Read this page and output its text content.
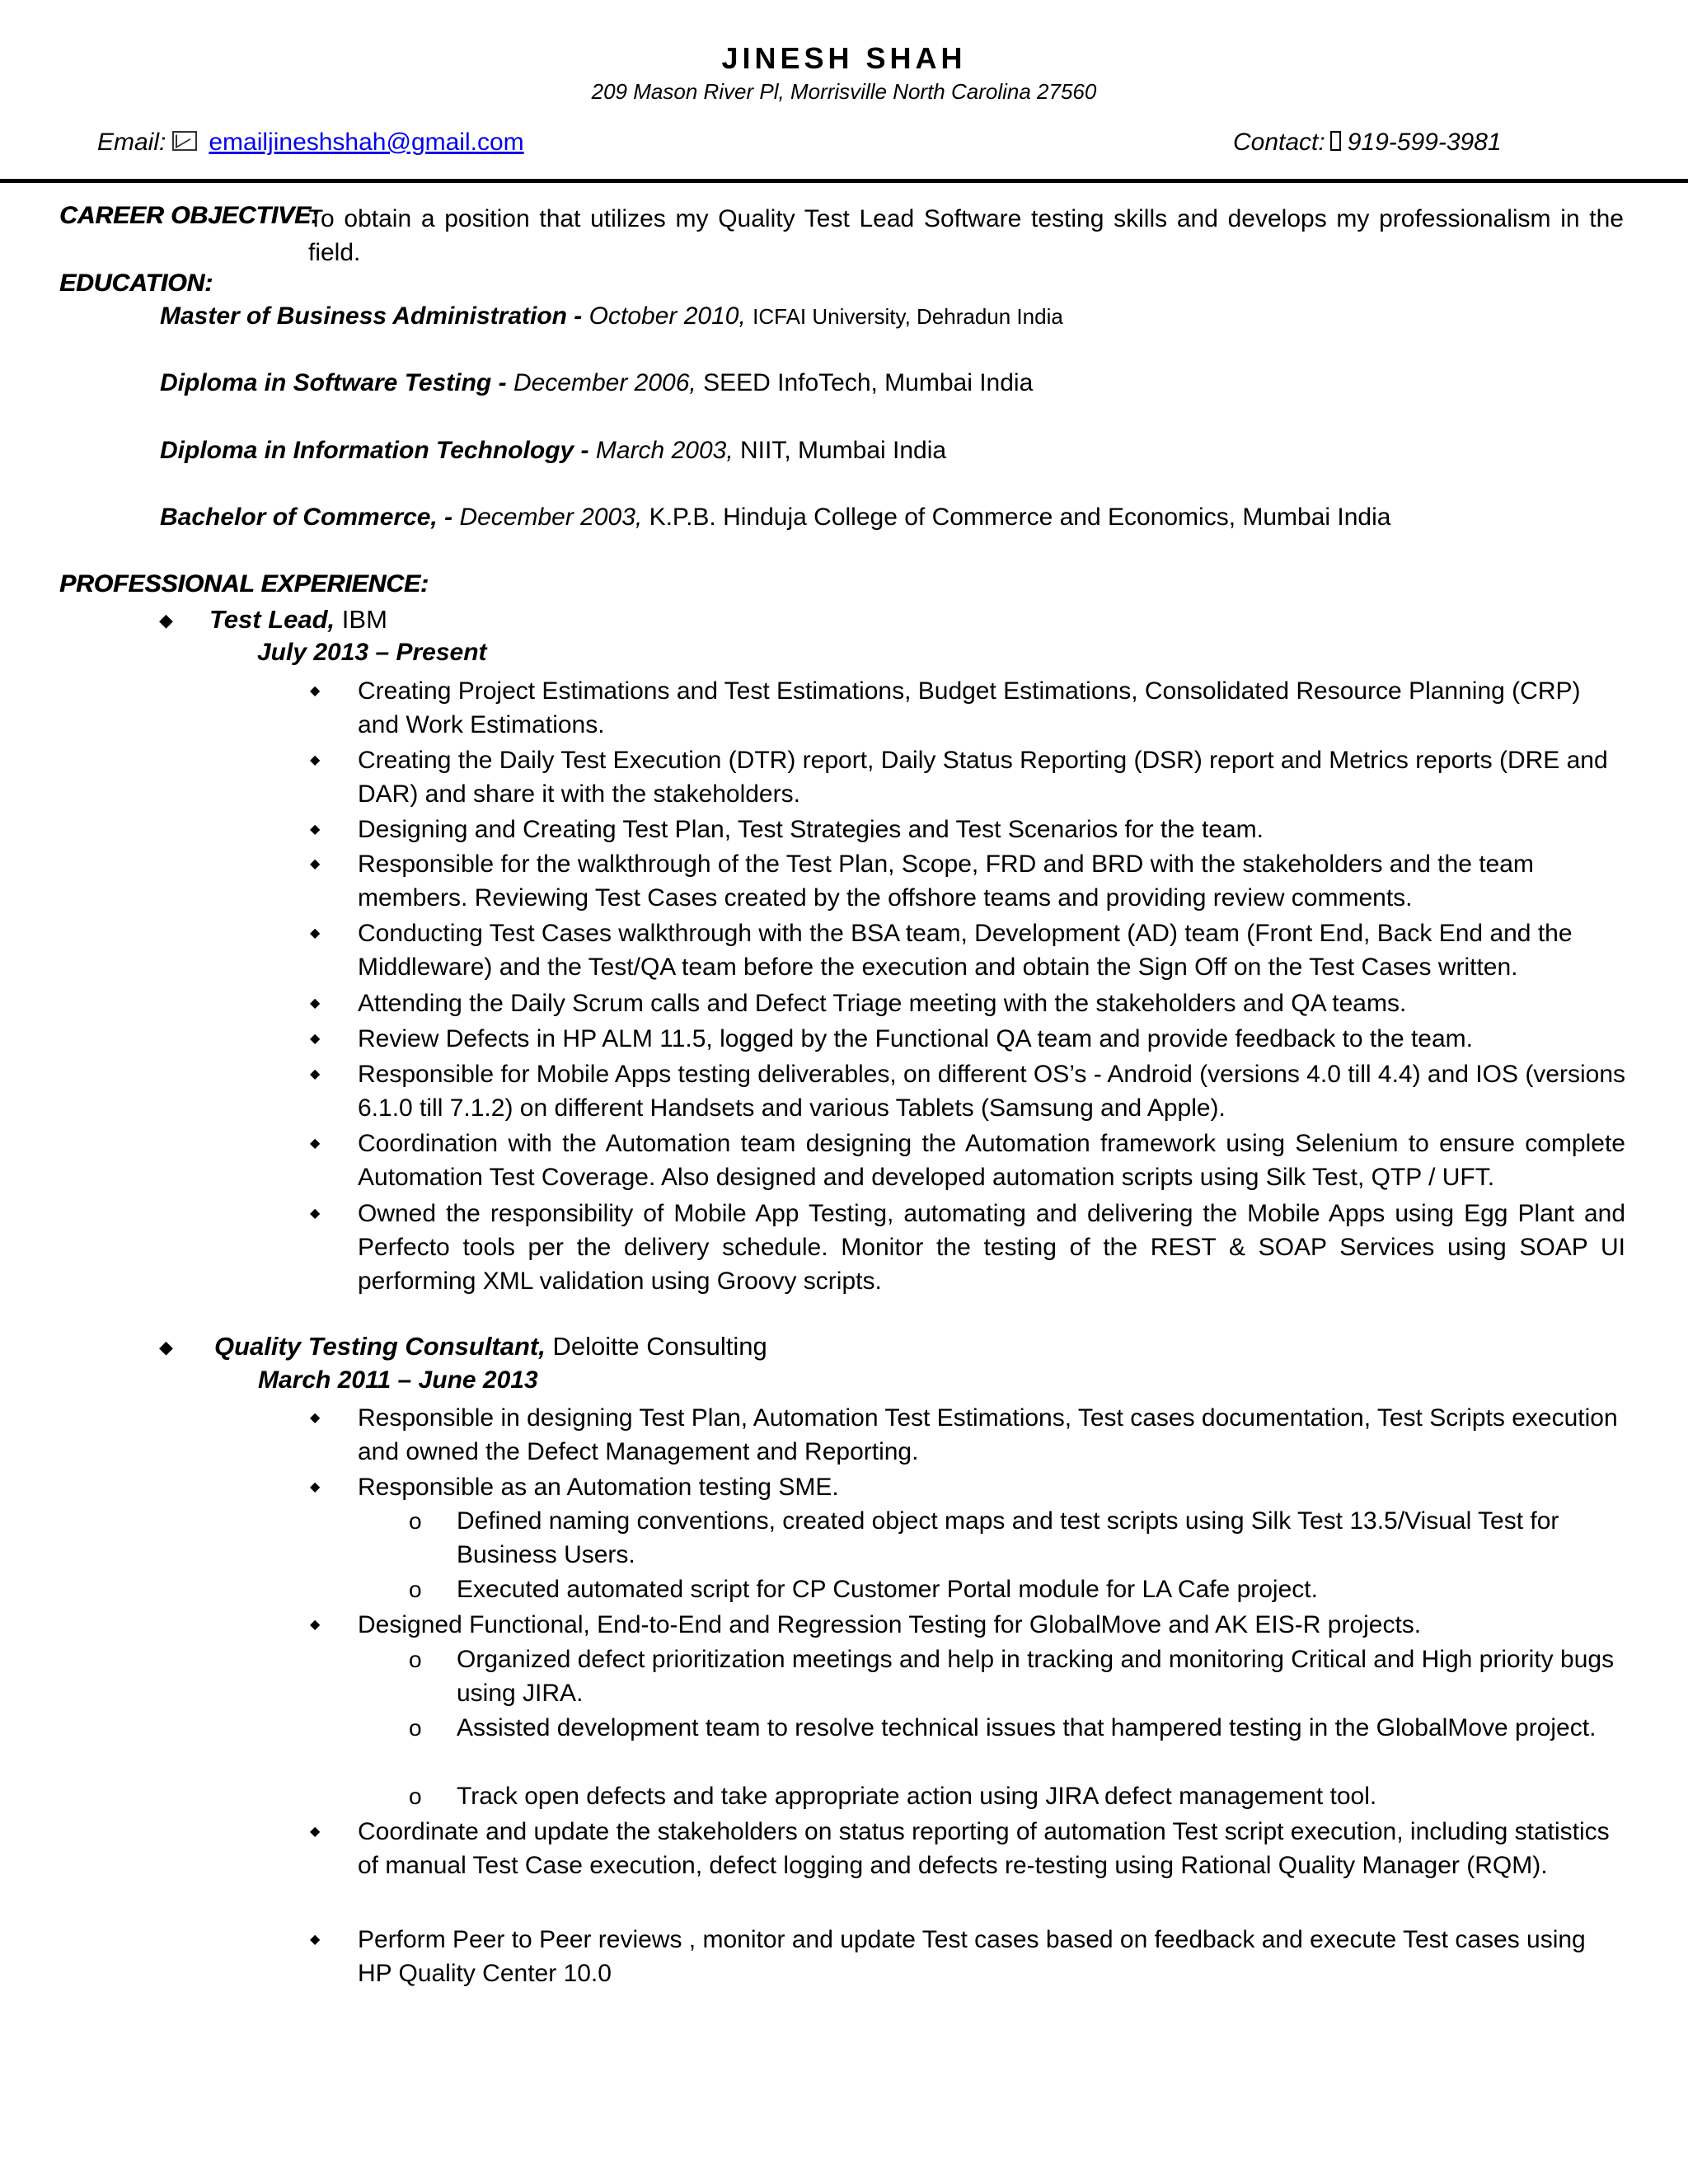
JINESH SHAH
209 Mason River Pl, Morrisville North Carolina 27560
Email: emailjineshshah@gmail.com	Contact: 919-599-3981
CAREER OBJECTIVE:
To obtain a position that utilizes my Quality Test Lead Software testing skills and develops my professionalism in the field.
EDUCATION:
Master of Business Administration - October 2010, ICFAI University, Dehradun India
Diploma in Software Testing - December 2006, SEED InfoTech, Mumbai India
Diploma in Information Technology - March 2003, NIIT, Mumbai India
Bachelor of Commerce, - December 2003, K.P.B. Hinduja College of Commerce and Economics, Mumbai India
PROFESSIONAL EXPERIENCE:
◆ Test Lead, IBM
July 2013 – Present
◆ Creating Project Estimations and Test Estimations, Budget Estimations, Consolidated Resource Planning (CRP) and Work Estimations.
◆ Creating the Daily Test Execution (DTR) report, Daily Status Reporting (DSR) report and Metrics reports (DRE and DAR) and share it with the stakeholders.
◆ Designing and Creating Test Plan, Test Strategies and Test Scenarios for the team.
◆ Responsible for the walkthrough of the Test Plan, Scope, FRD and BRD with the stakeholders and the team members. Reviewing Test Cases created by the offshore teams and providing review comments.
◆ Conducting Test Cases walkthrough with the BSA team, Development (AD) team (Front End, Back End and the Middleware) and the Test/QA team before the execution and obtain the Sign Off on the Test Cases written.
◆ Attending the Daily Scrum calls and Defect Triage meeting with the stakeholders and QA teams.
◆ Review Defects in HP ALM 11.5, logged by the Functional QA team and provide feedback to the team.
◆ Responsible for Mobile Apps testing deliverables, on different OS’s - Android (versions 4.0 till 4.4) and IOS (versions 6.1.0 till 7.1.2) on different Handsets and various Tablets (Samsung and Apple).
◆ Coordination with the Automation team designing the Automation framework using Selenium to ensure complete Automation Test Coverage. Also designed and developed automation scripts using Silk Test, QTP / UFT.
◆ Owned the responsibility of Mobile App Testing, automating and delivering the Mobile Apps using Egg Plant and Perfecto tools per the delivery schedule. Monitor the testing of the REST & SOAP Services using SOAP UI performing XML validation using Groovy scripts.
◆ Quality Testing Consultant, Deloitte Consulting
March 2011 – June 2013
◆ Responsible in designing Test Plan, Automation Test Estimations, Test cases documentation, Test Scripts execution and owned the Defect Management and Reporting.
◆ Responsible as an Automation testing SME.
o Defined naming conventions, created object maps and test scripts using Silk Test 13.5/Visual Test for Business Users.
o Executed automated script for CP Customer Portal module for LA Cafe project.
◆ Designed Functional, End-to-End and Regression Testing for GlobalMove and AK EIS-R projects.
o Organized defect prioritization meetings and help in tracking and monitoring Critical and High priority bugs using JIRA.
o Assisted development team to resolve technical issues that hampered testing in the GlobalMove project.
o Track open defects and take appropriate action using JIRA defect management tool.
◆ Coordinate and update the stakeholders on status reporting of automation Test script execution, including statistics of manual Test Case execution, defect logging and defects re-testing using Rational Quality Manager (RQM).
◆ Perform Peer to Peer reviews , monitor and update Test cases based on feedback and execute Test cases using HP Quality Center 10.0
